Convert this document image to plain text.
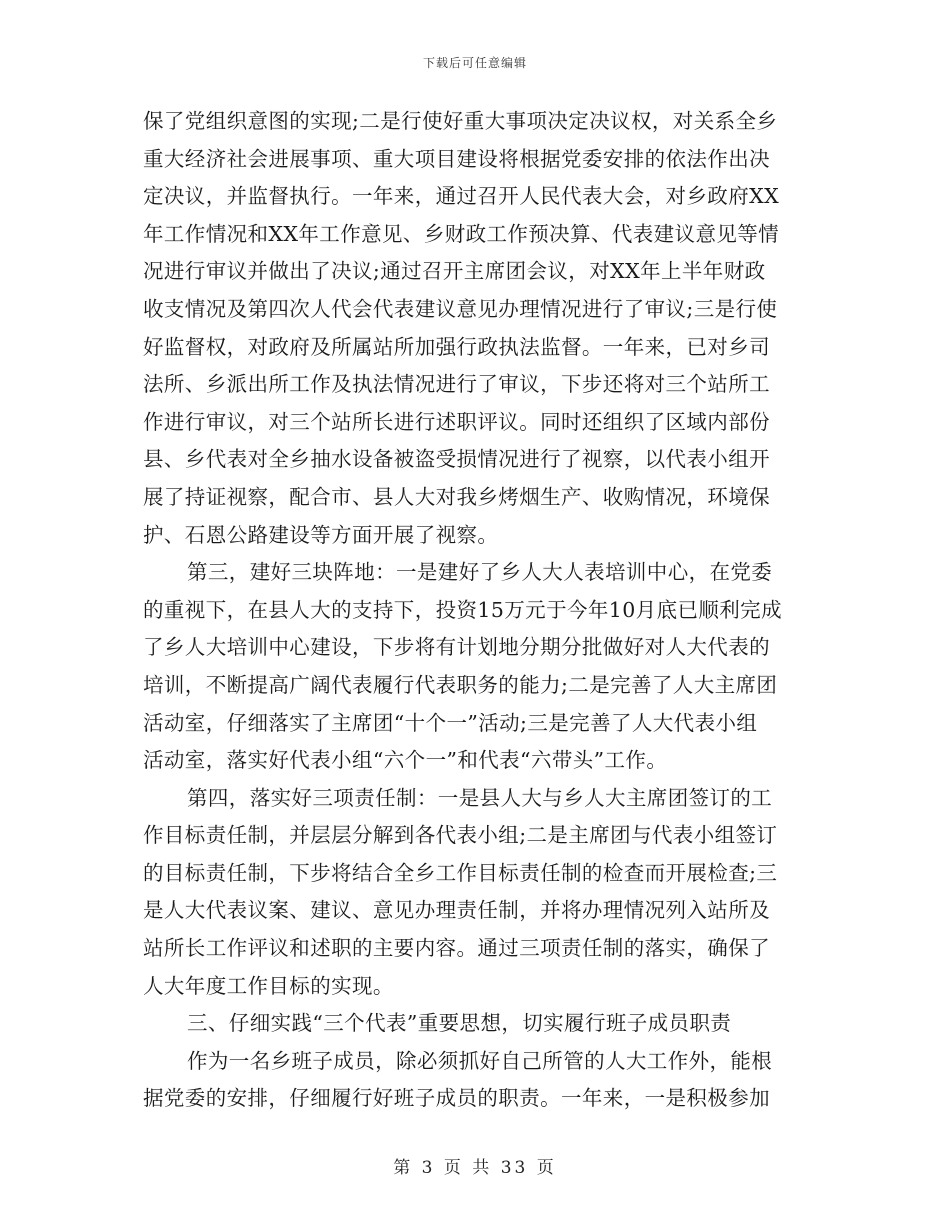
下载后可任意编辑
保了党组织意图的实现;二是行使好重大事项决定决议权，对关系全乡
重大经济社会进展事项、重大项目建设将根据党委安排的依法作出决
定决议，并监督执行。一年来，通过召开人民代表大会，对乡政府XX
年工作情况和XX年工作意见、乡财政工作预决算、代表建议意见等情
况进行审议并做出了决议;通过召开主席团会议，对XX年上半年财政
收支情况及第四次人代会代表建议意见办理情况进行了审议;三是行使
好监督权，对政府及所属站所加强行政执法监督。一年来，已对乡司
法所、乡派出所工作及执法情况进行了审议，下步还将对三个站所工
作进行审议，对三个站所长进行述职评议。同时还组织了区域内部份
县、乡代表对全乡抽水设备被盗受损情况进行了视察，以代表小组开
展了持证视察，配合市、县人大对我乡烤烟生产、收购情况，环境保
护、石恩公路建设等方面开展了视察。
第三，建好三块阵地：一是建好了乡人大人表培训中心，在党委
的重视下，在县人大的支持下，投资15万元于今年10月底已顺利完成
了乡人大培训中心建设，下步将有计划地分期分批做好对人大代表的
培训，不断提高广阔代表履行代表职务的能力;二是完善了人大主席团
活动室，仔细落实了主席团“十个一”活动;三是完善了人大代表小组
活动室，落实好代表小组“六个一”和代表“六带头”工作。
第四，落实好三项责任制：一是县人大与乡人大主席团签订的工
作目标责任制，并层层分解到各代表小组;二是主席团与代表小组签订
的目标责任制，下步将结合全乡工作目标责任制的检查而开展检查;三
是人大代表议案、建议、意见办理责任制，并将办理情况列入站所及
站所长工作评议和述职的主要内容。通过三项责任制的落实，确保了
人大年度工作目标的实现。
三、仔细实践“三个代表”重要思想，切实履行班子成员职责
作为一名乡班子成员，除必须抓好自己所管的人大工作外，能根
据党委的安排，仔细履行好班子成员的职责。一年来，一是积极参加
第 3 页 共 33 页
